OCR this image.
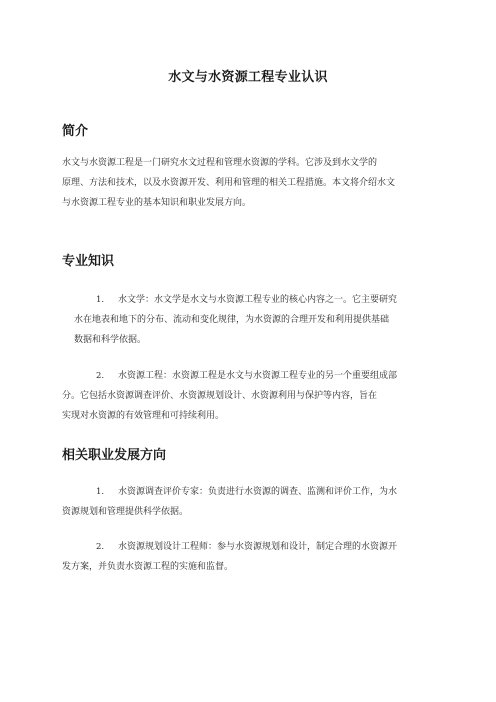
水文与水资源工程专业认识
简介
水文与水资源工程是一门研究水文过程和管理水资源的学科。它涉及到水文学的
原理、方法和技术，以及水资源开发、利用和管理的相关工程措施。本文将介绍水文
与水资源工程专业的基本知识和职业发展方向。
专业知识
1. 水文学：水文学是水文与水资源工程专业的核心内容之一。它主要研究
水在地表和地下的分布、流动和变化规律，为水资源的合理开发和利用提供基础
数据和科学依据。
2. 水资源工程：水资源工程是水文与水资源工程专业的另一个重要组成部
分。它包括水资源调查评价、水资源规划设计、水资源利用与保护等内容，旨在
实现对水资源的有效管理和可持续利用。
相关职业发展方向
1. 水资源调查评价专家：负责进行水资源的调查、监测和评价工作，为水
资源规划和管理提供科学依据。
2. 水资源规划设计工程师：参与水资源规划和设计，制定合理的水资源开
发方案，并负责水资源工程的实施和监督。
